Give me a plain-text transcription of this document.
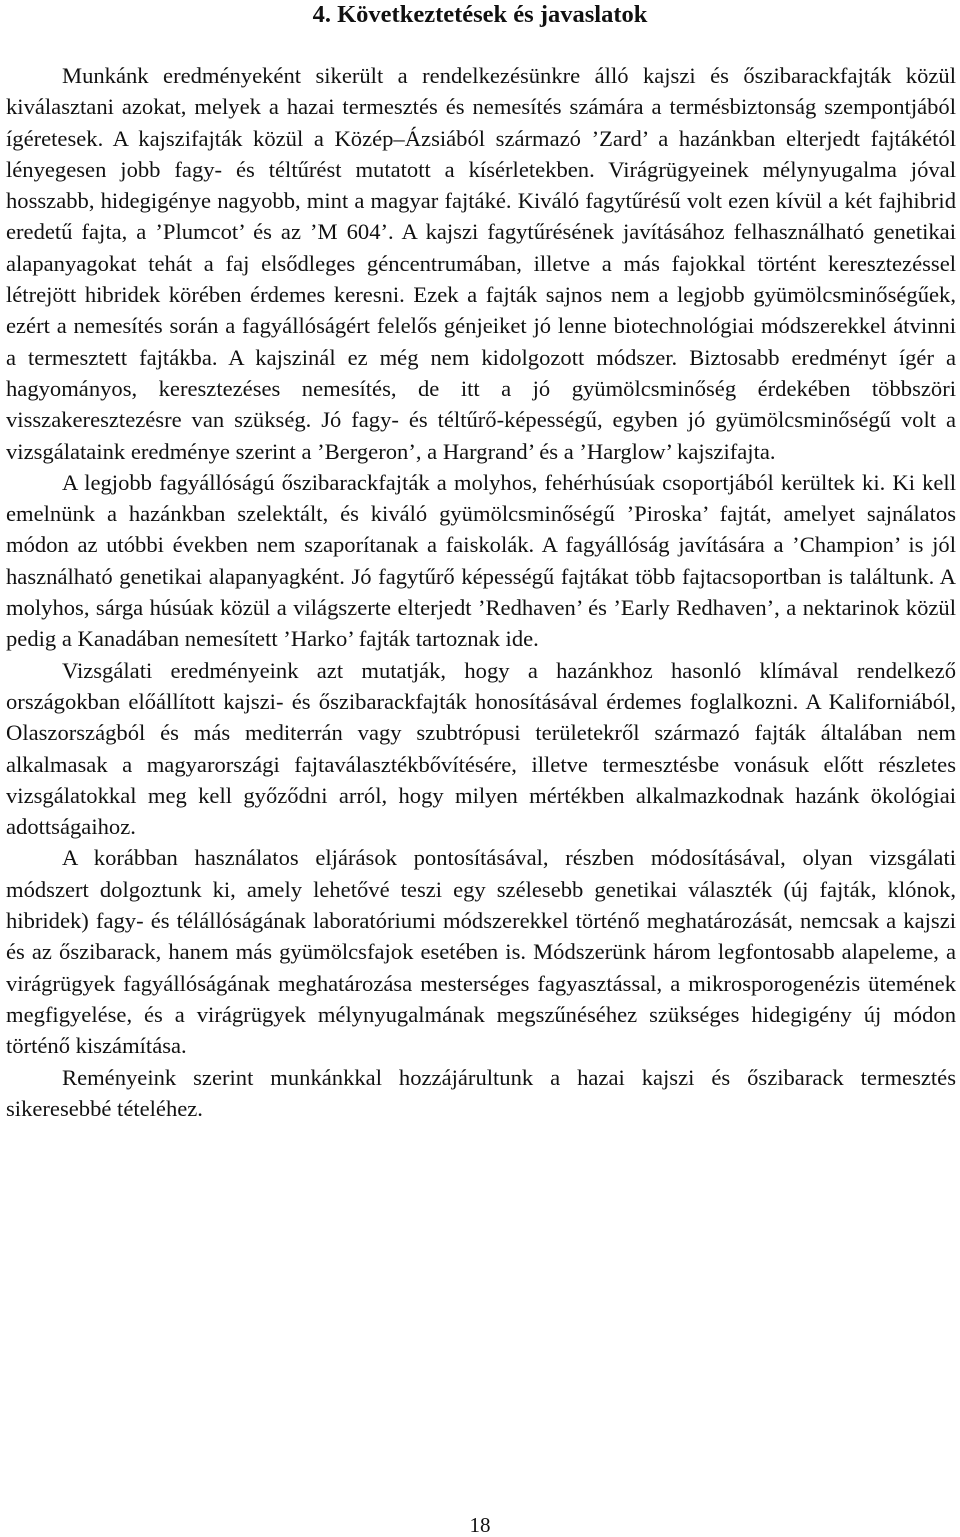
4. Következtetések és javaslatok

Munkánk eredményeként sikerült a rendelkezésünkre álló kajszi és őszibarackfajták közül kiválasztani azokat, melyek a hazai termesztés és nemesítés számára a termésbiztonság szempontjából ígéretesek. A kajszifajták közül a Közép–Ázsiából származó ’Zard’ a hazánkban elterjedt fajtákétól lényegesen jobb fagy- és téltűrést mutatott a kísérletekben. Virágrügyeinek mélynyugalma jóval hosszabb, hidegigénye nagyobb, mint a magyar fajtáké. Kiváló fagytűrésű volt ezen kívül a két fajhibrid eredetű fajta, a ’Plumcot’ és az ’M 604’. A kajszi fagytűrésének javításához felhasználható genetikai alapanyagokat tehát a faj elsődleges géncentrumában, illetve a más fajokkal történt keresztezéssel létrejött hibridek körében érdemes keresni. Ezek a fajták sajnos nem a legjobb gyümölcsminőségűek, ezért a nemesítés során a fagyállóságért felelős génjeiket jó lenne biotechnológiai módszerekkel átvinni a termesztett fajtákba. A kajszinál ez még nem kidolgozott módszer. Biztosabb eredményt ígér a hagyományos, keresztezéses nemesítés, de itt a jó gyümölcsminőség érdekében többszöri visszakeresztezésre van szükség. Jó fagy- és téltűrő-képességű, egyben jó gyümölcsminőségű volt a vizsgálataink eredménye szerint a ’Bergeron’, a Hargrand’ és a ’Harglow’ kajszifajta.

A legjobb fagyállóságú őszibarackfajták a molyhos, fehérhúsúak csoportjából kerültek ki. Ki kell emelnünk a hazánkban szelektált, és kiváló gyümölcsminőségű ’Piroska’ fajtát, amelyet sajnálatos módon az utóbbi években nem szaporítanak a faiskolák. A fagyállóság javítására a ’Champion’ is jól használható genetikai alapanyagként. Jó fagytűrő képességű fajtákat több fajtacsoportban is találtunk. A molyhos, sárga húsúak közül a világszerte elterjedt ’Redhaven’ és ’Early Redhaven’, a nektarinok közül pedig a Kanadában nemesített ’Harko’ fajták tartoznak ide.

Vizsgálati eredményeink azt mutatják, hogy a hazánkhoz hasonló klímával rendelkező országokban előállított kajszi- és őszibarackfajták honosításával érdemes foglalkozni. A Kaliforniából, Olaszországból és más mediterrán vagy szubtrópusi területekről származó fajták általában nem alkalmasak a magyarországi fajtaválasztékbővítésére, illetve termesztésbe vonásuk előtt részletes vizsgálatokkal meg kell győződni arról, hogy milyen mértékben alkalmazkodnak hazánk ökológiai adottságaihoz.

A korábban használatos eljárások pontosításával, részben módosításával, olyan vizsgálati módszert dolgoztunk ki, amely lehetővé teszi egy szélesebb genetikai választék (új fajták, klónok, hibridek) fagy- és télállóságának laboratóriumi módszerekkel történő meghatározását, nemcsak a kajszi és az őszibarack, hanem más gyümölcsfajok esetében is. Módszerünk három legfontosabb alapeleme, a virágrügyek fagyállóságának meghatározása mesterséges fagyasztással, a mikrosporogenézis ütemének megfigyelése, és a virágrügyek mélynyugalmának megszűnéséhez szükséges hidegigény új módon történő kiszámítása.

Reményeink szerint munkánkkal hozzájárultunk a hazai kajszi és őszibarack termesztés sikeresebbé tételéhez.

18
